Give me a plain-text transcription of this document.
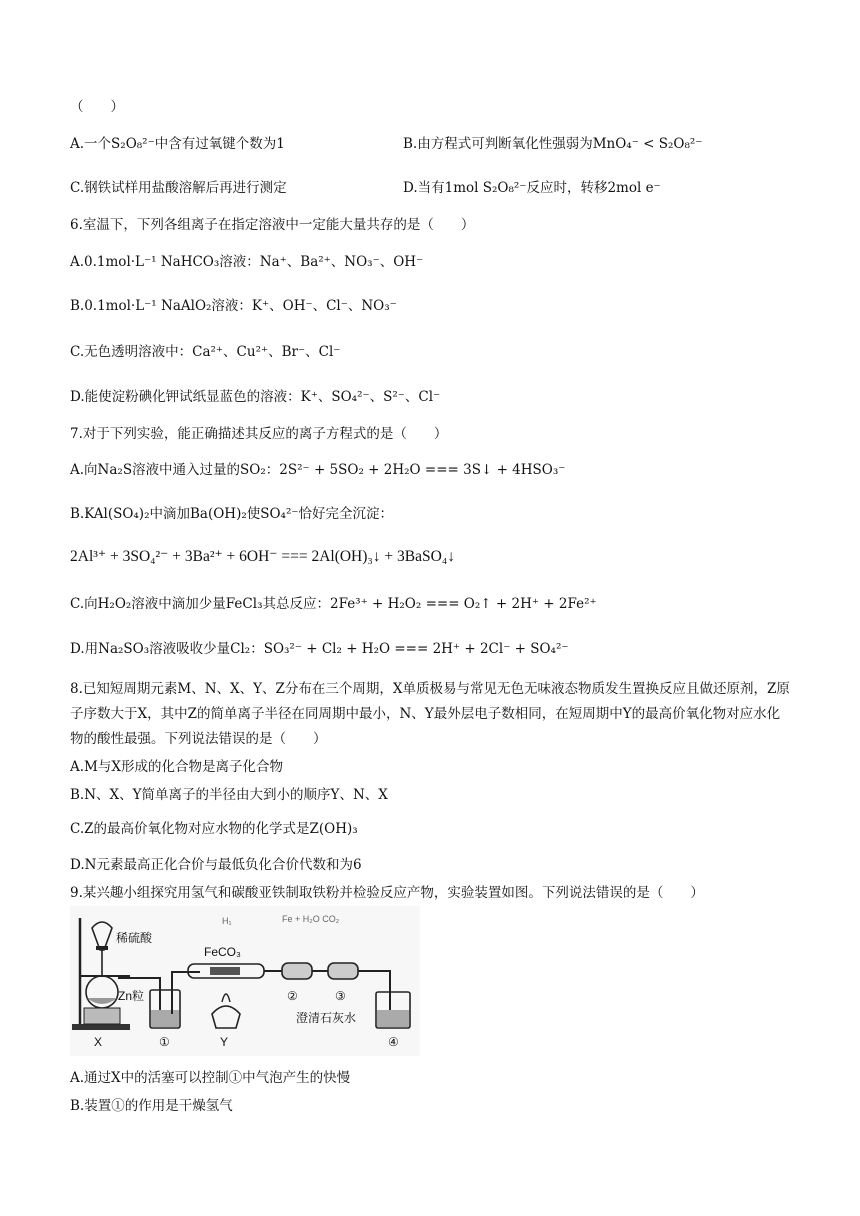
（　　）
A.一个S₂O₈²⁻中含有过氧键个数为1	B.由方程式可判断氧化性强弱为MnO₄⁻ < S₂O₈²⁻
C.钢铁试样用盐酸溶解后再进行测定	D.当有1mol S₂O₈²⁻反应时，转移2mol e⁻
6.室温下，下列各组离子在指定溶液中一定能大量共存的是（　　）
A.0.1mol·L⁻¹ NaHCO₃溶液：Na⁺、Ba²⁺、NO₃⁻、OH⁻
B.0.1mol·L⁻¹ NaAlO₂溶液：K⁺、OH⁻、Cl⁻、NO₃⁻
C.无色透明溶液中：Ca²⁺、Cu²⁺、Br⁻、Cl⁻
D.能使淀粉碘化钾试纸显蓝色的溶液：K⁺、SO₄²⁻、S²⁻、Cl⁻
7.对于下列实验，能正确描述其反应的离子方程式的是（　　）
A.向Na₂S溶液中通入过量的SO₂：2S²⁻ + 5SO₂ + 2H₂O === 3S↓ + 4HSO₃⁻
B.KAl(SO₄)₂中滴加Ba(OH)₂使SO₄²⁻恰好完全沉淀：
2Al³⁺ + 3SO₄²⁻ + 3Ba²⁺ + 6OH⁻ === 2Al(OH)₃↓ + 3BaSO₄↓
C.向H₂O₂溶液中滴加少量FeCl₃其总反应：2Fe³⁺ + H₂O₂ === O₂↑ + 2H⁺ + 2Fe²⁺
D.用Na₂SO₃溶液吸收少量Cl₂：SO₃²⁻ + Cl₂ + H₂O === 2H⁺ + 2Cl⁻ + SO₄²⁻
8.已知短周期元素M、N、X、Y、Z分布在三个周期，X单质极易与常见无色无味液态物质发生置换反应且做还原剂，Z原子序数大于X，其中Z的简单离子半径在同周期中最小，N、Y最外层电子数相同，在短周期中Y的最高价氧化物对应水化物的酸性最强。下列说法错误的是（　　）
A.M与X形成的化合物是离子化合物
B.N、X、Y简单离子的半径由大到小的顺序Y、N、X
C.Z的最高价氧化物对应水物的化学式是Z(OH)₃
D.N元素最高正化合价与最低负化合价代数和为6
9.某兴趣小组探究用氢气和碳酸亚铁制取铁粉并检验反应产物，实验装置如图。下列说法错误的是（　　）
稀硫酸
Zn粒
X	①
FeCO₃
Y
②	③
H₁	Fe + H₂O CO₂
澄清石灰水
④
A.通过X中的活塞可以控制①中气泡产生的快慢
B.装置①的作用是干燥氢气
